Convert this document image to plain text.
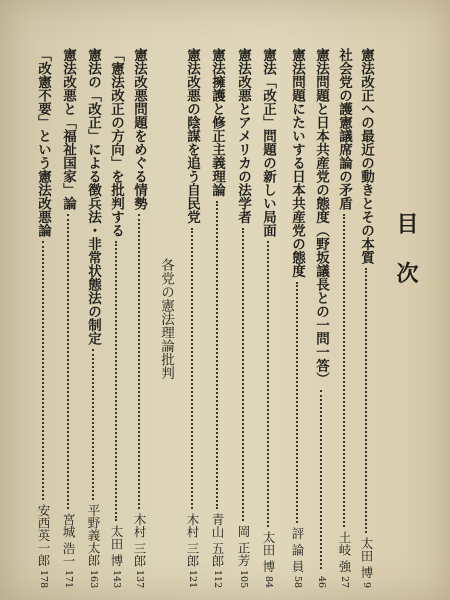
目 次
憲法改正への最近の動きとその本質
太田 博
9
社会党の護憲議席論の矛盾
土岐 強
27
憲法問題と日本共産党の態度（野坂議長との一問一答）
46
憲法問題にたいする日本共産党の態度
評 論 員
58
憲法「改正」問題の新しい局面
太田 博
84
憲法改悪とアメリカの法学者
岡 正芳
105
憲法擁護と修正主義理論
青山 五郎
112
憲法改悪の陰謀を追う自民党
木村 三郎
121
各党の憲法理論批判
憲法改悪問題をめぐる情勢
木村 三郎
137
「憲法改正の方向」を批判する
太田 博
143
憲法の「改正」による徴兵法・非常状態法の制定
平野義太郎
163
憲法改悪と「福祉国家」論
宮城 浩一
171
「改憲不要」という憲法改悪論
安西英一郎
178
